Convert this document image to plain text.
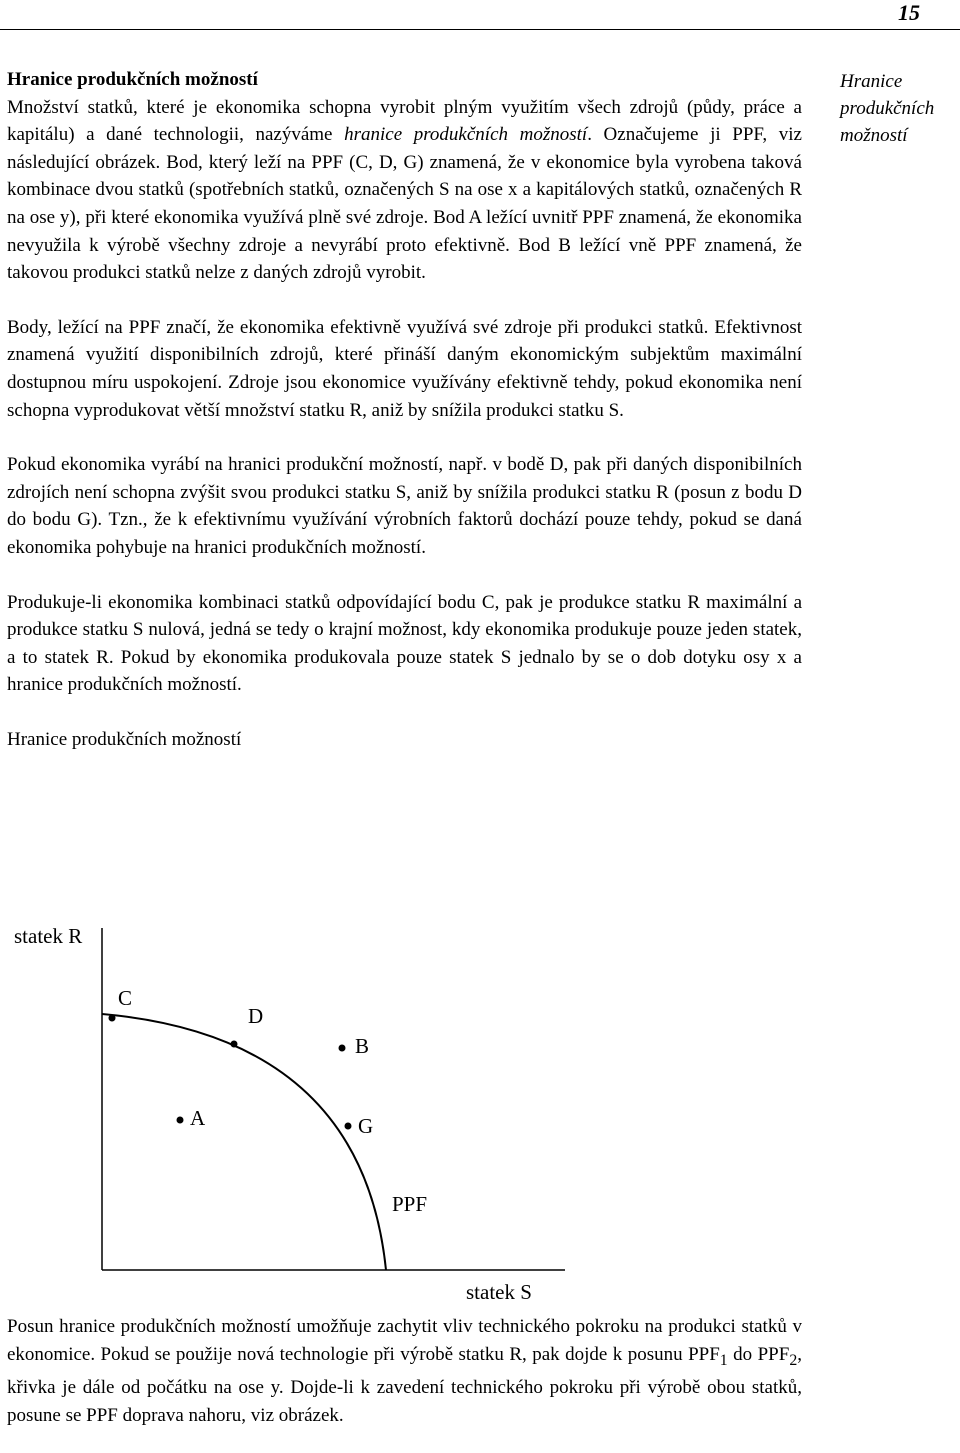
15
Hranice produkčních možností

Hranice produkčních možností
Množství statků, které je ekonomika schopna vyrobit plným využitím všech zdrojů (půdy, práce a kapitálu) a dané technologii, nazýváme hranice produkčních možností. Označujeme ji PPF, viz následující obrázek. Bod, který leží na PPF (C, D, G) znamená, že v ekonomice byla vyrobena taková kombinace dvou statků (spotřebních statků, označených S na ose x a kapitálových statků, označených R na ose y), při které ekonomika využívá plně své zdroje. Bod A ležící uvnitř PPF znamená, že ekonomika nevyužila k výrobě všechny zdroje a nevyrábí proto efektivně. Bod B ležící vně PPF znamená, že takovou produkci statků nelze z daných zdrojů vyrobit.

Body, ležící na PPF značí, že ekonomika efektivně využívá své zdroje při produkci statků. Efektivnost znamená využití disponibilních zdrojů, které přináší daným ekonomickým subjektům maximální dostupnou míru uspokojení. Zdroje jsou ekonomice využívány efektivně tehdy, pokud ekonomika není schopna vyprodukovat větší množství statku R, aniž by snížila produkci statku S.

Pokud ekonomika vyrábí na hranici produkční možností, např. v bodě D, pak při daných disponibilních zdrojích není schopna zvýšit svou produkci statku S, aniž by snížila produkci statku R (posun z bodu D do bodu G). Tzn., že k efektivnímu využívání výrobních faktorů dochází pouze tehdy, pokud se daná ekonomika pohybuje na hranici produkčních možností.

Produkuje-li ekonomika kombinaci statků odpovídající bodu C, pak je produkce statku R maximální a produkce statku S nulová, jedná se tedy o krajní možnost, kdy ekonomika produkuje pouze jeden statek, a to statek R. Pokud by ekonomika produkovala pouze statek S jednalo by se o dob dotyku osy x a hranice produkčních možností.

Hranice produkčních možností
statek R
C
D
B
A	G
PPF
statek S

Posun hranice produkčních možností umožňuje zachytit vliv technického pokroku na produkci statků v ekonomice. Pokud se použije nová technologie při výrobě statku R, pak dojde k posunu $PPF_1$ do $PPF_2$, křivka je dále od počátku na ose y. Dojde-li k zavedení technického pokroku při výrobě obou statků, posune se PPF doprava nahoru, viz obrázek.
